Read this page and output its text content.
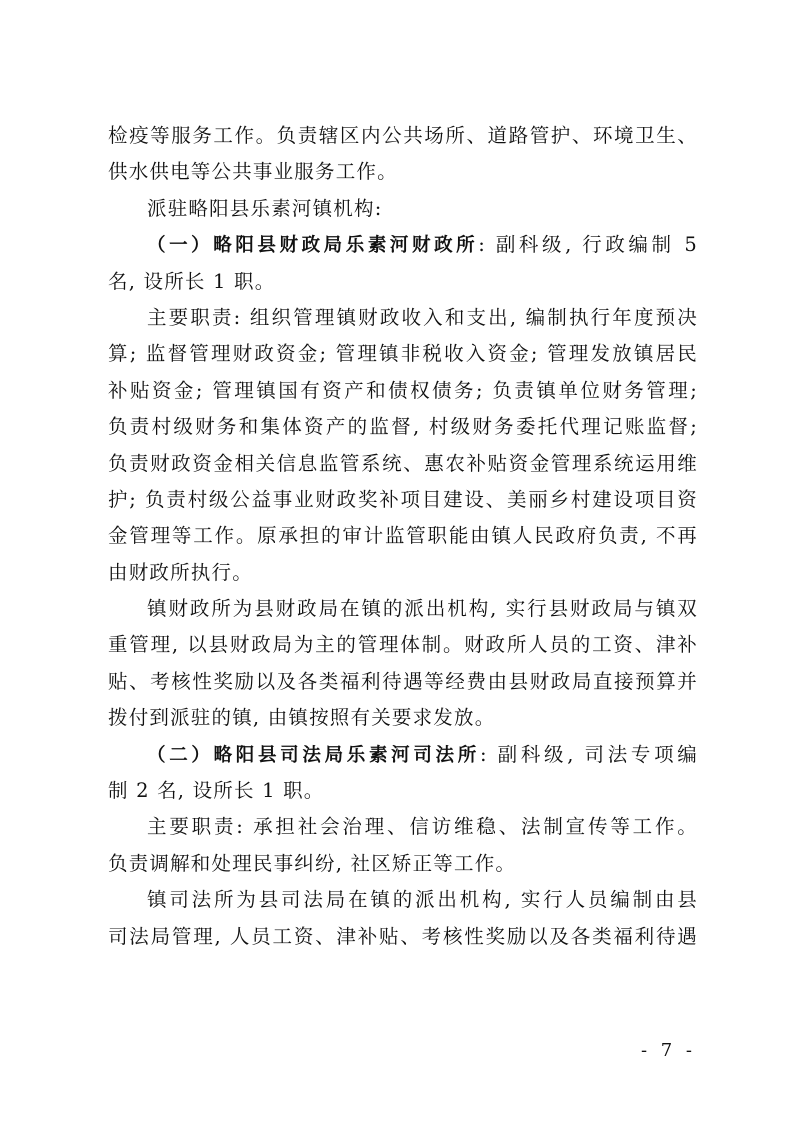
检疫等服务工作。负责辖区内公共场所、道路管护、环境卫生、
供水供电等公共事业服务工作。
派驻略阳县乐素河镇机构:
（一）略阳县财政局乐素河财政所: 副科级, 行政编制 5
名, 设所长 1 职。
主要职责: 组织管理镇财政收入和支出, 编制执行年度预决
算; 监督管理财政资金; 管理镇非税收入资金; 管理发放镇居民
补贴资金; 管理镇国有资产和债权债务; 负责镇单位财务管理;
负责村级财务和集体资产的监督, 村级财务委托代理记账监督;
负责财政资金相关信息监管系统、惠农补贴资金管理系统运用维
护; 负责村级公益事业财政奖补项目建设、美丽乡村建设项目资
金管理等工作。原承担的审计监管职能由镇人民政府负责, 不再
由财政所执行。
镇财政所为县财政局在镇的派出机构, 实行县财政局与镇双
重管理, 以县财政局为主的管理体制。财政所人员的工资、津补
贴、考核性奖励以及各类福利待遇等经费由县财政局直接预算并
拨付到派驻的镇, 由镇按照有关要求发放。
（二）略阳县司法局乐素河司法所: 副科级, 司法专项编
制 2 名, 设所长 1 职。
主要职责: 承担社会治理、信访维稳、法制宣传等工作。
负责调解和处理民事纠纷, 社区矫正等工作。
镇司法所为县司法局在镇的派出机构, 实行人员编制由县
司法局管理, 人员工资、津补贴、考核性奖励以及各类福利待遇
- 7 -
